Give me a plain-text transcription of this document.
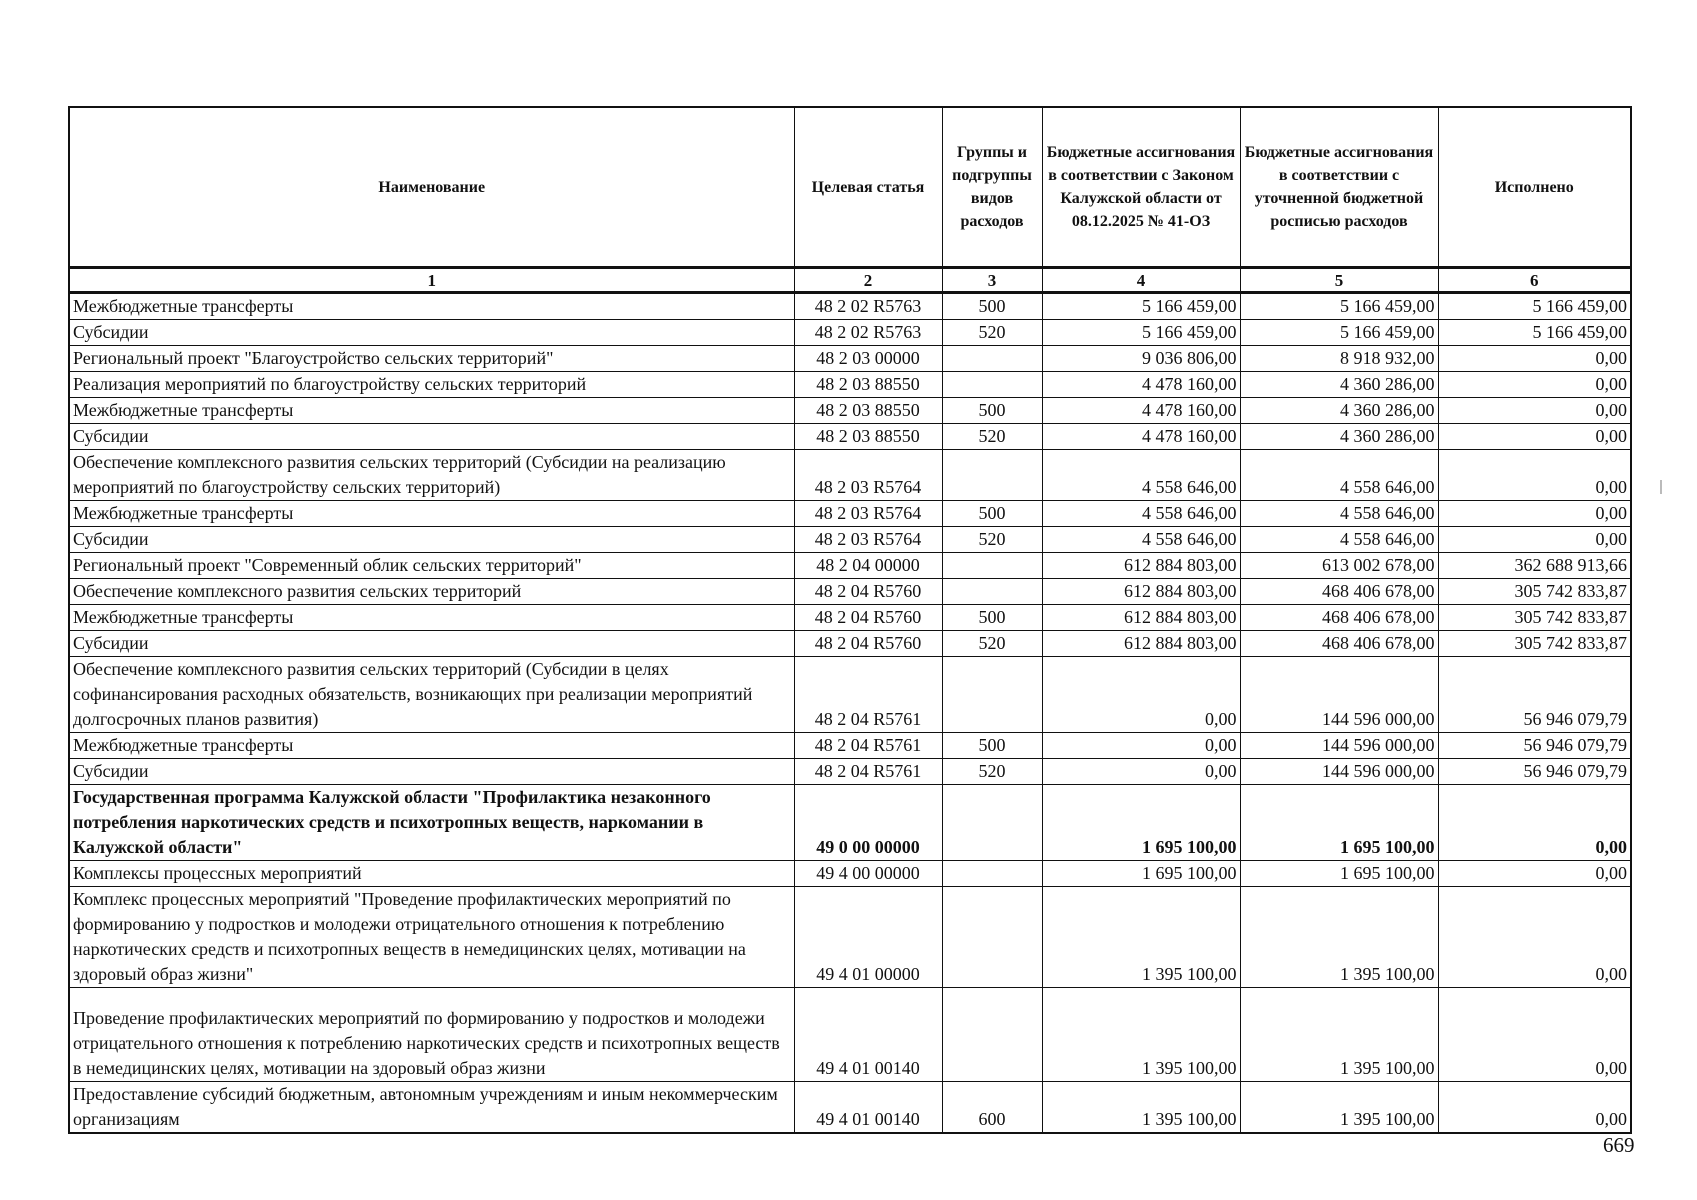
Наименование	Целевая статья	Группы и подгруппы видов расходов	Бюджетные ассигнования в соответствии с Законом Калужской области от 08.12.2025 № 41-ОЗ	Бюджетные ассигнования в соответствии с уточненной бюджетной росписью расходов	Исполнено
1	2	3	4	5	6
Межбюджетные трансферты	48 2 02 R5763	500	5 166 459,00	5 166 459,00	5 166 459,00
Субсидии	48 2 02 R5763	520	5 166 459,00	5 166 459,00	5 166 459,00
Региональный проект "Благоустройство сельских территорий"	48 2 03 00000		9 036 806,00	8 918 932,00	0,00
Реализация мероприятий по благоустройству сельских территорий	48 2 03 88550		4 478 160,00	4 360 286,00	0,00
Межбюджетные трансферты	48 2 03 88550	500	4 478 160,00	4 360 286,00	0,00
Субсидии	48 2 03 88550	520	4 478 160,00	4 360 286,00	0,00
Обеспечение комплексного развития сельских территорий (Субсидии на реализацию мероприятий по благоустройству сельских территорий)	48 2 03 R5764		4 558 646,00	4 558 646,00	0,00
Межбюджетные трансферты	48 2 03 R5764	500	4 558 646,00	4 558 646,00	0,00
Субсидии	48 2 03 R5764	520	4 558 646,00	4 558 646,00	0,00
Региональный проект "Современный облик сельских территорий"	48 2 04 00000		612 884 803,00	613 002 678,00	362 688 913,66
Обеспечение комплексного развития сельских территорий	48 2 04 R5760		612 884 803,00	468 406 678,00	305 742 833,87
Межбюджетные трансферты	48 2 04 R5760	500	612 884 803,00	468 406 678,00	305 742 833,87
Субсидии	48 2 04 R5760	520	612 884 803,00	468 406 678,00	305 742 833,87
Обеспечение комплексного развития сельских территорий (Субсидии в целях софинансирования расходных обязательств, возникающих при реализации мероприятий долгосрочных планов развития)	48 2 04 R5761		0,00	144 596 000,00	56 946 079,79
Межбюджетные трансферты	48 2 04 R5761	500	0,00	144 596 000,00	56 946 079,79
Субсидии	48 2 04 R5761	520	0,00	144 596 000,00	56 946 079,79
Государственная программа Калужской области "Профилактика незаконного потребления наркотических средств и психотропных веществ, наркомании в Калужской области"	49 0 00 00000		1 695 100,00	1 695 100,00	0,00
Комплексы процессных мероприятий	49 4 00 00000		1 695 100,00	1 695 100,00	0,00
Комплекс процессных мероприятий "Проведение профилактических мероприятий по формированию у подростков и молодежи отрицательного отношения к потреблению наркотических средств и психотропных веществ в немедицинских целях, мотивации на здоровый образ жизни"	49 4 01 00000		1 395 100,00	1 395 100,00	0,00
Проведение профилактических мероприятий по формированию у подростков и молодежи отрицательного отношения к потреблению наркотических средств и психотропных веществ в немедицинских целях, мотивации на здоровый образ жизни	49 4 01 00140		1 395 100,00	1 395 100,00	0,00
Предоставление субсидий бюджетным, автономным учреждениям и иным некоммерческим организациям	49 4 01 00140	600	1 395 100,00	1 395 100,00	0,00
669
